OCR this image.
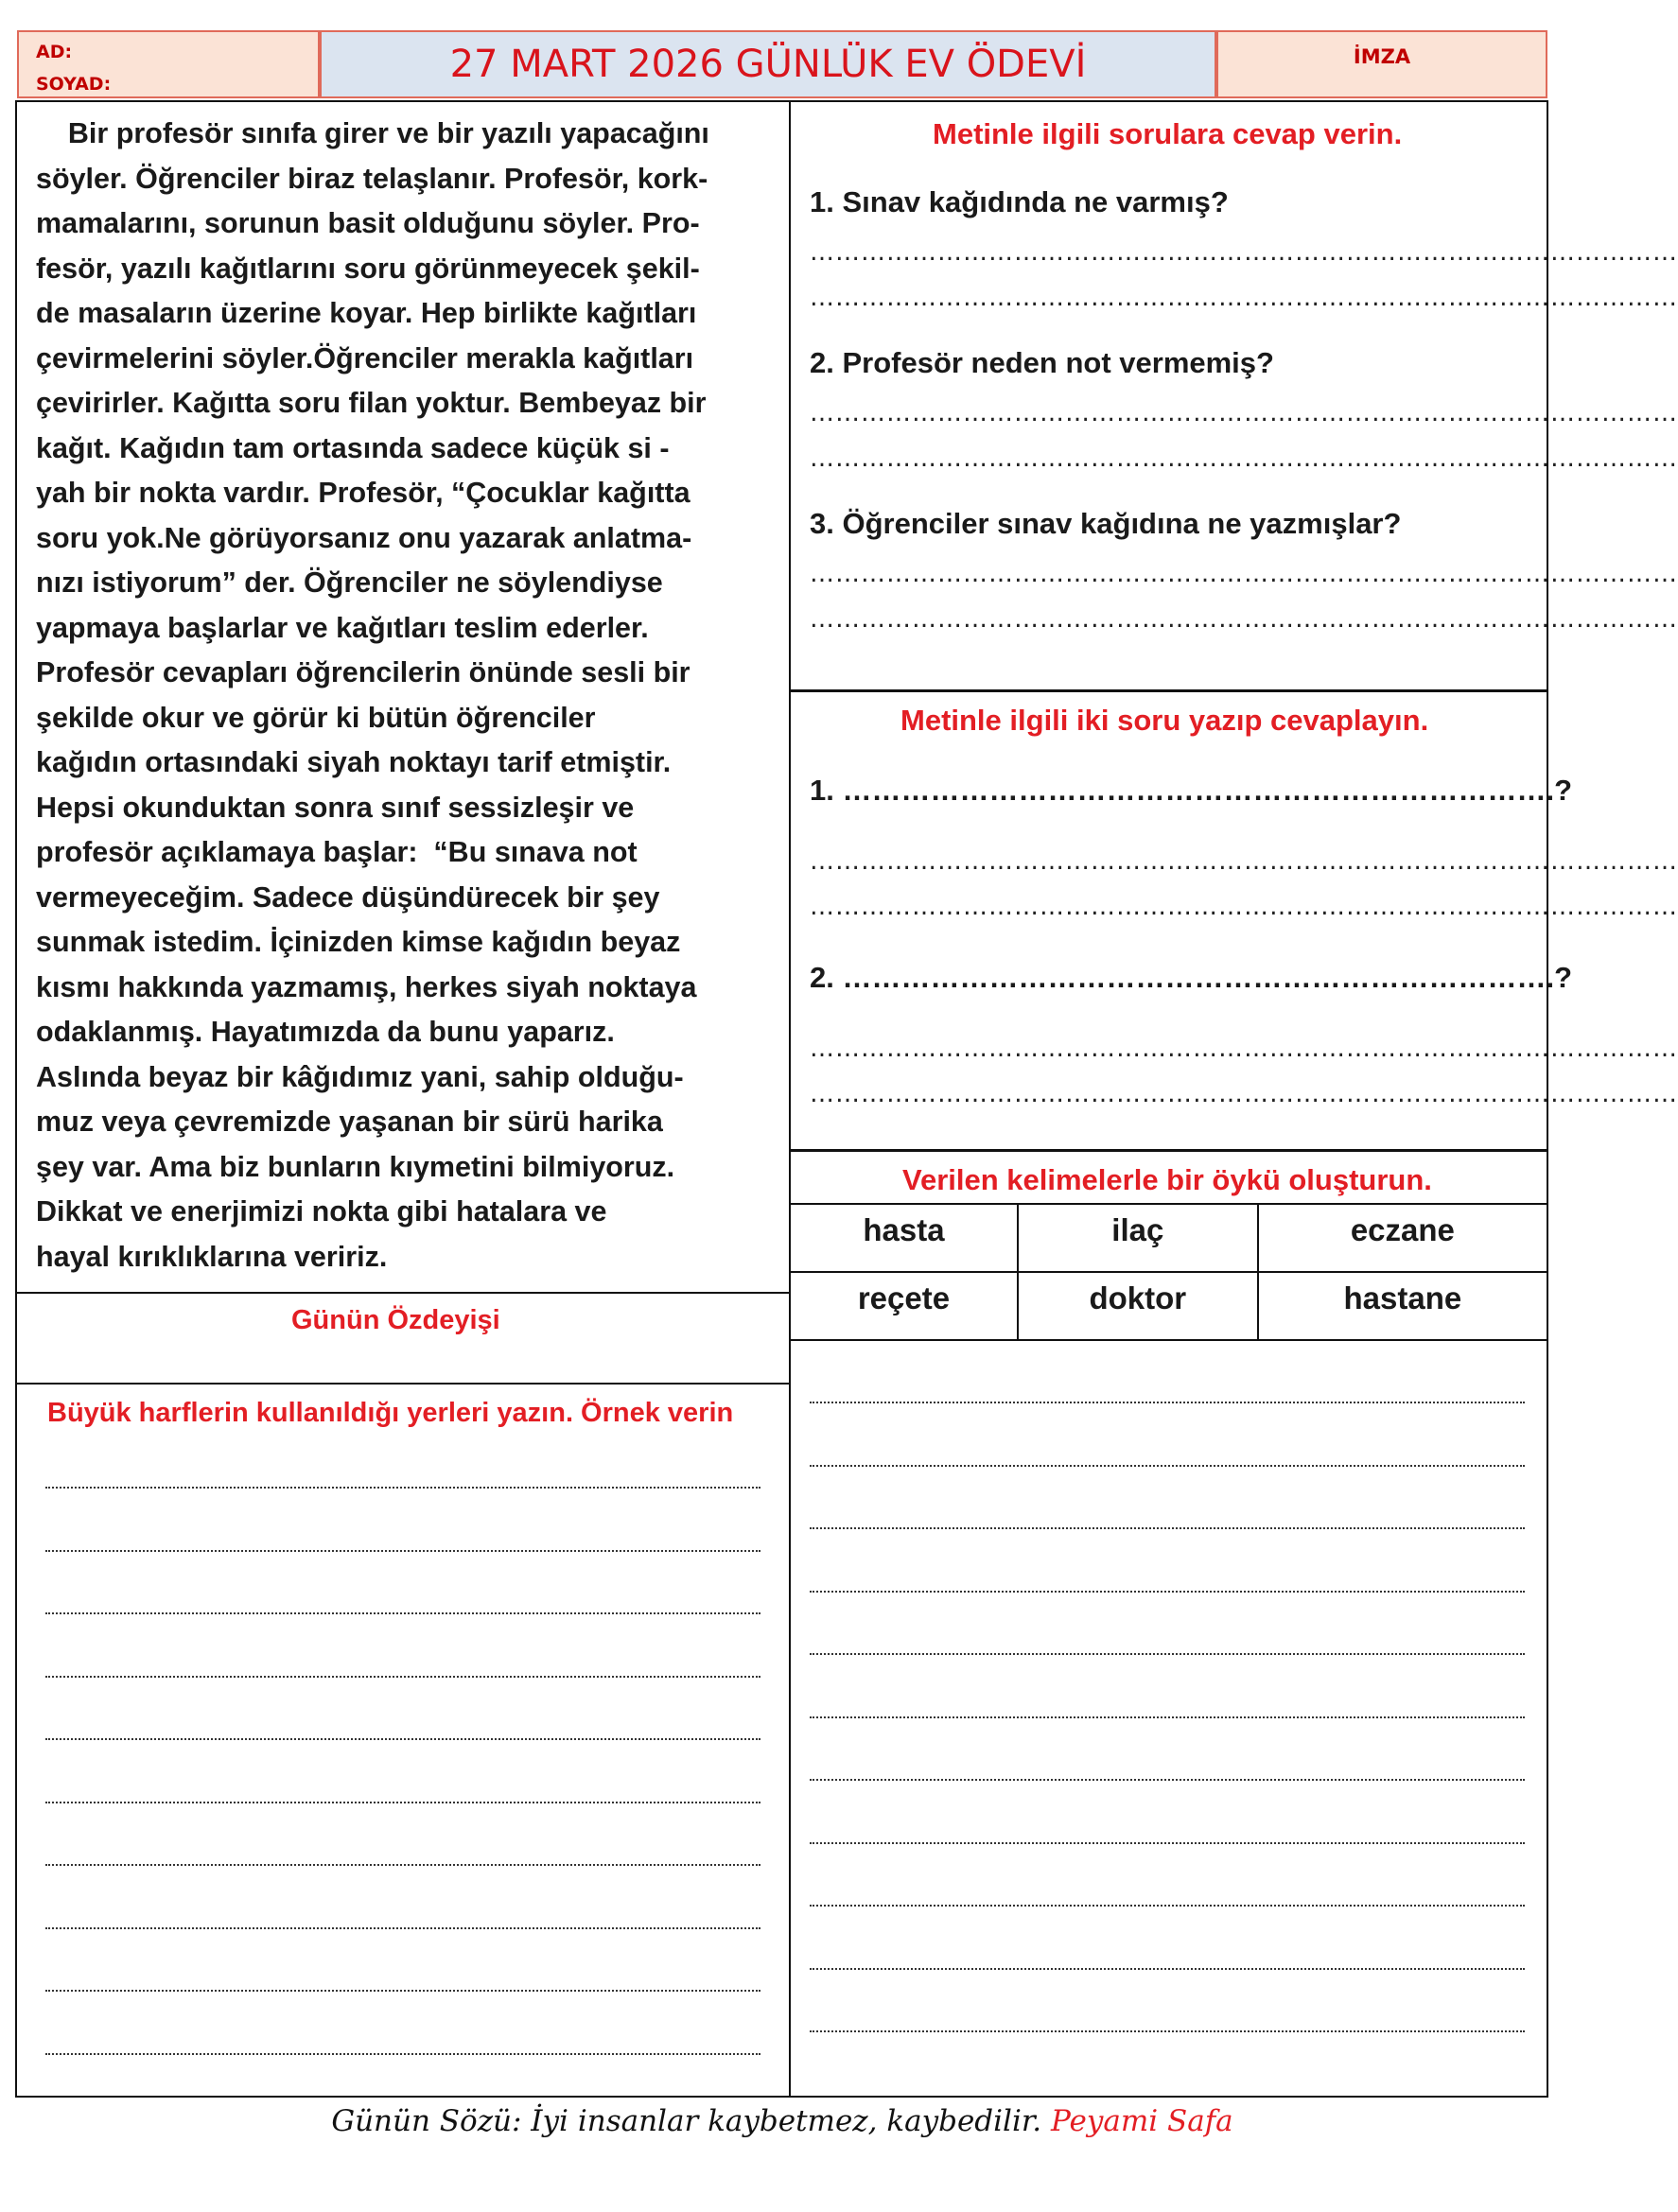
AD:
SOYAD:	27 MART 2026 GÜNLÜK EV ÖDEVİ	İMZA
Bir profesör sınıfa girer ve bir yazılı yapacağını
söyler. Öğrenciler biraz telaşlanır. Profesör, kork-
mamalarını, sorunun basit olduğunu söyler. Pro-
fesör, yazılı kağıtlarını soru görünmeyecek şekil-
de masaların üzerine koyar. Hep birlikte kağıtları
çevirmelerini söyler.Öğrenciler merakla kağıtları
çevirirler. Kağıtta soru filan yoktur. Bembeyaz bir
kağıt. Kağıdın tam ortasında sadece küçük si -
yah bir nokta vardır. Profesör, “Çocuklar kağıtta
soru yok.Ne görüyorsanız onu yazarak anlatma-
nızı istiyorum” der. Öğrenciler ne söylendiyse
yapmaya başlarlar ve kağıtları teslim ederler.
Profesör cevapları öğrencilerin önünde sesli bir
şekilde okur ve görür ki bütün öğrenciler
kağıdın ortasındaki siyah noktayı tarif etmiştir.
Hepsi okunduktan sonra sınıf sessizleşir ve
profesör açıklamaya başlar:  “Bu sınava not
vermeyeceğim. Sadece düşündürecek bir şey
sunmak istedim. İçinizden kimse kağıdın beyaz
kısmı hakkında yazmamış, herkes siyah noktaya
odaklanmış. Hayatımızda da bunu yaparız.
Aslında beyaz bir kâğıdımız yani, sahip olduğu-
muz veya çevremizde yaşanan bir sürü harika
şey var. Ama biz bunların kıymetini bilmiyoruz.
Dikkat ve enerjimizi nokta gibi hatalara ve
hayal kırıklıklarına veririz.
Günün Özdeyişi
Büyük harflerin kullanıldığı yerleri yazın. Örnek verin
Metinle ilgili sorulara cevap verin.
1. Sınav kağıdında ne varmış?
…………………………………………………………………………………………
…………………………………………………………………………………………
2. Profesör neden not vermemiş?
…………………………………………………………………………………………
…………………………………………………………………………………………
3. Öğrenciler sınav kağıdına ne yazmışlar?
…………………………………………………………………………………………
…………………………………………………………………………………………
Metinle ilgili iki soru yazıp cevaplayın.
1. ……………………………………………………………….?
…………………………………………………………………………………………
…………………………………………………………………………………………
2. ……………………………………………………………….?
…………………………………………………………………………………………
…………………………………………………………………………………………
Verilen kelimelerle bir öykü oluşturun.
hasta	ilaç	eczane
reçete	doktor	hastane
Günün Sözü: İyi insanlar kaybetmez, kaybedilir. Peyami Safa
